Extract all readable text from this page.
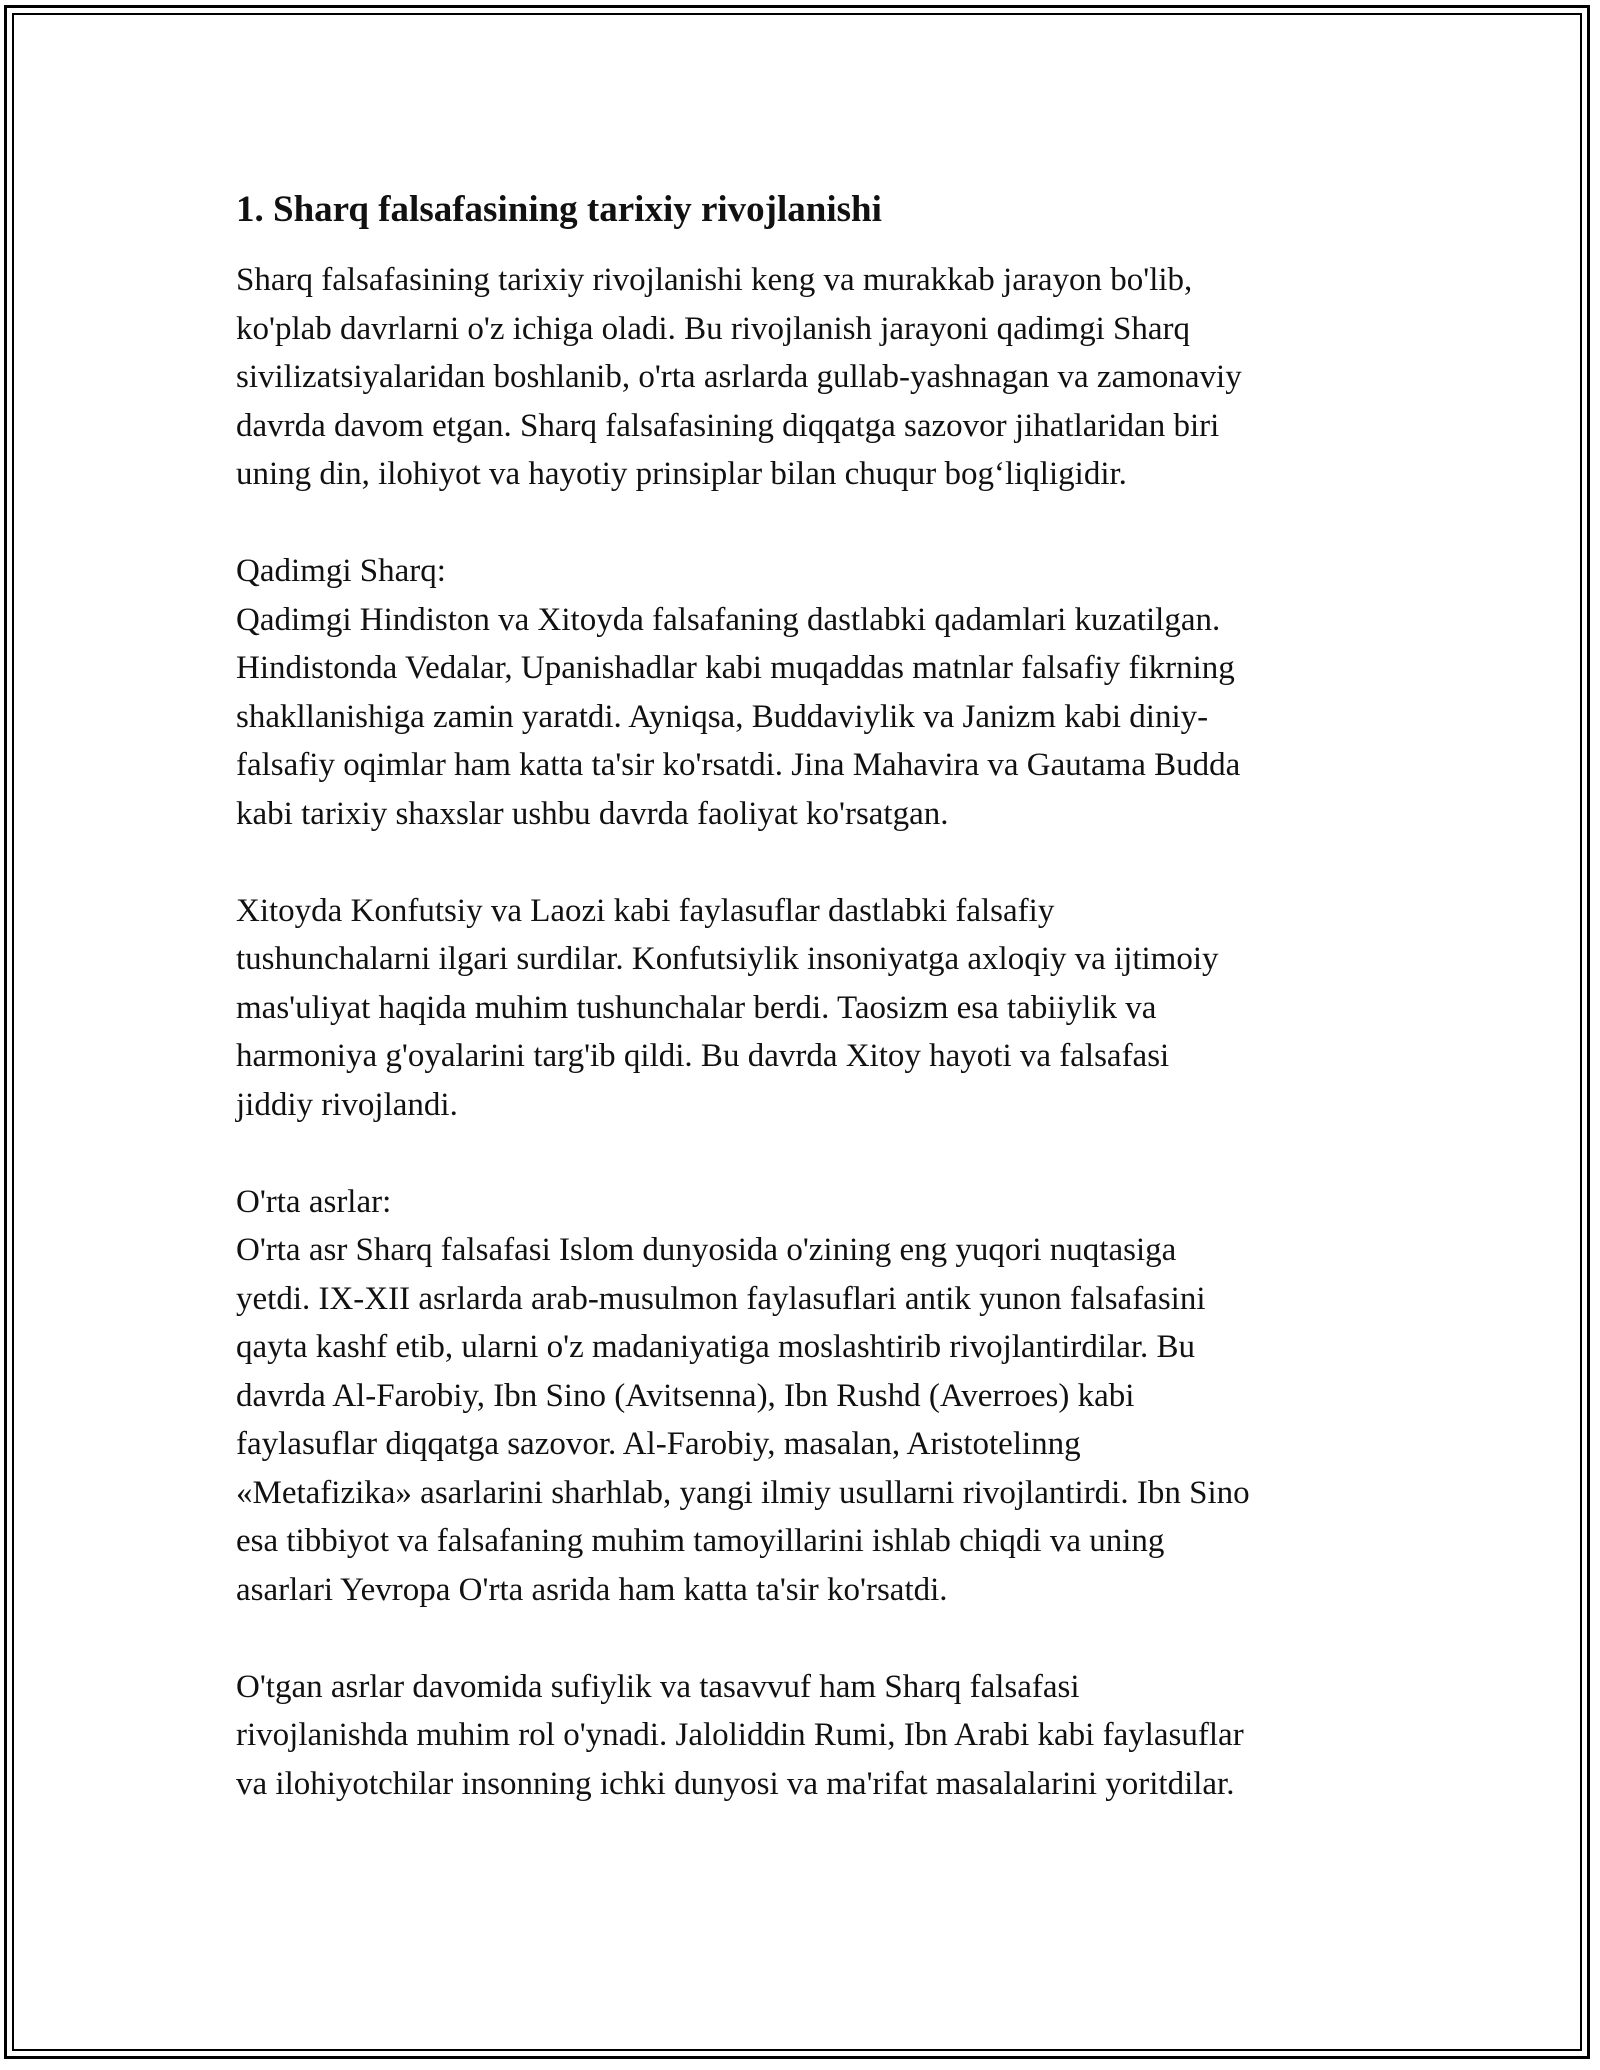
1. Sharq falsafasining tarixiy rivojlanishi

Sharq falsafasining tarixiy rivojlanishi keng va murakkab jarayon bo'lib,
ko'plab davrlarni o'z ichiga oladi. Bu rivojlanish jarayoni qadimgi Sharq
sivilizatsiyalaridan boshlanib, o'rta asrlarda gullab-yashnagan va zamonaviy
davrda davom etgan. Sharq falsafasining diqqatga sazovor jihatlaridan biri
uning din, ilohiyot va hayotiy prinsiplar bilan chuqur bog‘liqligidir.

Qadimgi Sharq:
Qadimgi Hindiston va Xitoyda falsafaning dastlabki qadamlari kuzatilgan.
Hindistonda Vedalar, Upanishadlar kabi muqaddas matnlar falsafiy fikrning
shakllanishiga zamin yaratdi. Ayniqsa, Buddaviylik va Janizm kabi diniy-
falsafiy oqimlar ham katta ta'sir ko'rsatdi. Jina Mahavira va Gautama Budda
kabi tarixiy shaxslar ushbu davrda faoliyat ko'rsatgan.

Xitoyda Konfutsiy va Laozi kabi faylasuflar dastlabki falsafiy
tushunchalarni ilgari surdilar. Konfutsiylik insoniyatga axloqiy va ijtimoiy
mas'uliyat haqida muhim tushunchalar berdi. Taosizm esa tabiiylik va
harmoniya g'oyalarini targ'ib qildi. Bu davrda Xitoy hayoti va falsafasi
jiddiy rivojlandi.

O'rta asrlar:
O'rta asr Sharq falsafasi Islom dunyosida o'zining eng yuqori nuqtasiga
yetdi. IX-XII asrlarda arab-musulmon faylasuflari antik yunon falsafasini
qayta kashf etib, ularni o'z madaniyatiga moslashtirib rivojlantirdilar. Bu
davrda Al-Farobiy, Ibn Sino (Avitsenna), Ibn Rushd (Averroes) kabi
faylasuflar diqqatga sazovor. Al-Farobiy, masalan, Aristotelinng
«Metafizika» asarlarini sharhlab, yangi ilmiy usullarni rivojlantirdi. Ibn Sino
esa tibbiyot va falsafaning muhim tamoyillarini ishlab chiqdi va uning
asarlari Yevropa O'rta asrida ham katta ta'sir ko'rsatdi.

O'tgan asrlar davomida sufiylik va tasavvuf ham Sharq falsafasi
rivojlanishda muhim rol o'ynadi. Jaloliddin Rumi, Ibn Arabi kabi faylasuflar
va ilohiyotchilar insonning ichki dunyosi va ma'rifat masalalarini yoritdilar.
